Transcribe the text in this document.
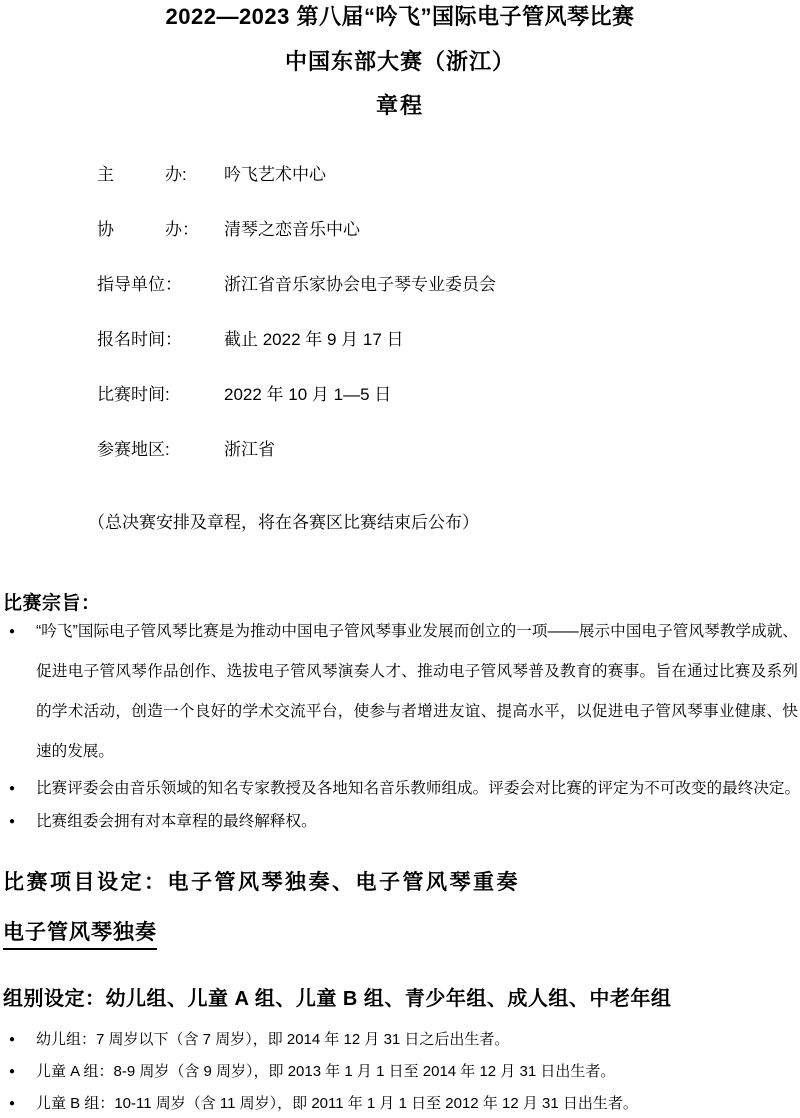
2022—2023 第八届“吟飞”国际电子管风琴比赛
中国东部大赛（浙江）
章程
主　　　办:	吟飞艺术中心
协　　　办：	清琴之恋音乐中心
指导单位：	浙江省音乐家协会电子琴专业委员会
报名时间：	截止 2022 年 9 月 17 日
比赛时间:	2022 年 10 月 1—5 日
参赛地区:	浙江省
（总决赛安排及章程，将在各赛区比赛结束后公布）
比赛宗旨：
● “吟飞”国际电子管风琴比赛是为推动中国电子管风琴事业发展而创立的一项——展示中国电子管风琴教学成就、促进电子管风琴作品创作、选拔电子管风琴演奏人才、推动电子管风琴普及教育的赛事。旨在通过比赛及系列的学术活动，创造一个良好的学术交流平台，使参与者增进友谊、提高水平，以促进电子管风琴事业健康、快速的发展。
● 比赛评委会由音乐领域的知名专家教授及各地知名音乐教师组成。评委会对比赛的评定为不可改变的最终决定。
● 比赛组委会拥有对本章程的最终解释权。
比赛项目设定：电子管风琴独奏、电子管风琴重奏
电子管风琴独奏
组别设定：幼儿组、儿童 A 组、儿童 B 组、青少年组、成人组、中老年组
● 幼儿组：7 周岁以下（含 7 周岁），即 2014 年 12 月 31 日之后出生者。
● 儿童 A 组：8-9 周岁（含 9 周岁），即 2013 年 1 月 1 日至 2014 年 12 月 31 日出生者。
● 儿童 B 组：10-11 周岁（含 11 周岁），即 2011 年 1 月 1 日至 2012 年 12 月 31 日出生者。
